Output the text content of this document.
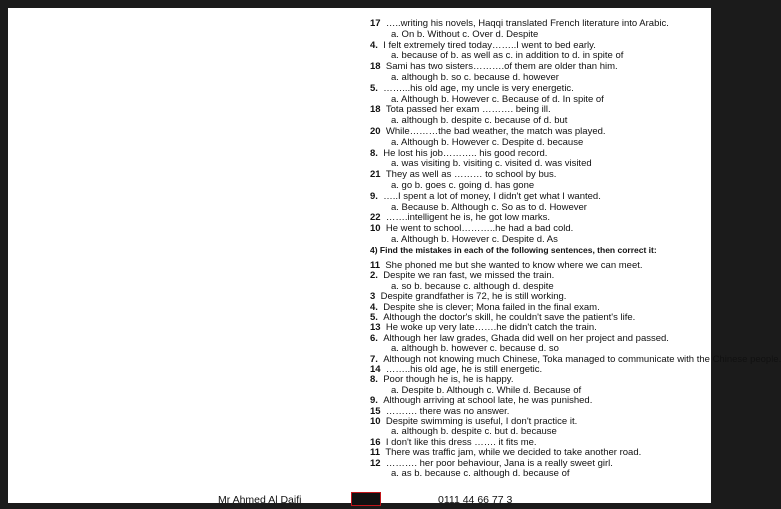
17 …..writing his novels, Haqqi translated French literature into Arabic.
a. On b. Without c. Over d. Despite
4. I felt extremely tired today……..I went to bed early.
a. because of b. as well as c. in addition to d. in spite of
18 Sami has two sisters……….of them are older than him.
a. although b. so c. because d. however
5. ……...his old age, my uncle is very energetic.
a. Although b. However c. Because of d. In spite of
18 Tota passed her exam ………. being ill.
a. although b. despite c. because of d. but
20 While………the bad weather, the match was played.
a. Although b. However c. Despite d. because
8. He lost his job……….. his good record.
a. was visiting b. visiting c. visited d. was visited
21 They as well as ……… to school by bus.
a. go b. goes c. going d. has gone
9. …..I spent a lot of money, I didn't get what I wanted.
a. Because b. Although c. So as to d. However
22 …….intelligent he is, he got low marks.
10 He went to school………..he had a bad cold.
a. Although b. However c. Despite d. As
4) Find the mistakes in each of the following sentences, then correct it:
11 She phoned me but she wanted to know where we can meet.
2. Despite we ran fast, we missed the train.
a. so b. because c. although d. despite
3 Despite grandfather is 72, he is still working.
4. Despite she is clever; Mona failed in the final exam.
5. Although the doctor's skill, he couldn't save the patient's life.
13 He woke up very late…….he didn't catch the train.
6. Although her law grades, Ghada did well on her project and passed.
a. although b. however c. because d. so
7. Although not knowing much Chinese, Toka managed to communicate with the Chinese people.
14 ……..his old age, he is still energetic.
8. Poor though he is, he is happy.
a. Despite b. Although c. While d. Because of
9. Although arriving at school late, he was punished.
15 ………. there was no answer.
10 Despite swimming is useful, I don't practice it.
a. although b. despite c. but d. because
16 I don't like this dress ……. it fits me.
11 There was traffic jam, while we decided to take another road.
12 ………. her poor behaviour, Jana is a really sweet girl.
a. as b. because c. although d. because of
Mr Ahmed Al Daifi	0111 44 66 77 3
